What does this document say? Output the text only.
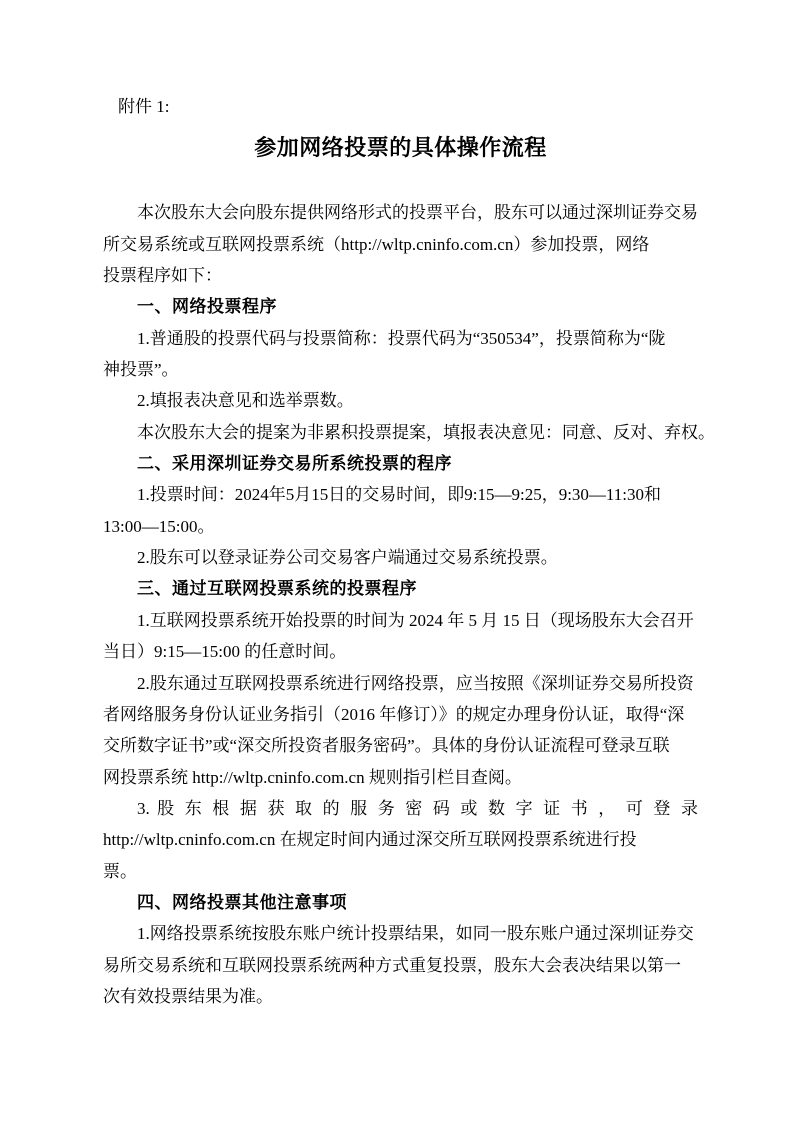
附件 1:
参加网络投票的具体操作流程
本次股东大会向股东提供网络形式的投票平台，股东可以通过深圳证券交易
所交易系统或互联网投票系统（http://wltp.cninfo.com.cn）参加投票，网络
投票程序如下：
一、网络投票程序
1.普通股的投票代码与投票简称：投票代码为“350534”，投票简称为“陇
神投票”。
2.填报表决意见和选举票数。
本次股东大会的提案为非累积投票提案，填报表决意见：同意、反对、弃权。
二、采用深圳证券交易所系统投票的程序
1.投票时间：2024年5月15日的交易时间，即9:15—9:25，9:30—11:30和
13:00—15:00。
2.股东可以登录证券公司交易客户端通过交易系统投票。
三、通过互联网投票系统的投票程序
1.互联网投票系统开始投票的时间为 2024 年 5 月 15 日（现场股东大会召开
当日）9:15—15:00 的任意时间。
2.股东通过互联网投票系统进行网络投票，应当按照《深圳证券交易所投资
者网络服务身份认证业务指引（2016 年修订）》的规定办理身份认证，取得“深
交所数字证书”或“深交所投资者服务密码”。具体的身份认证流程可登录互联
网投票系统 http://wltp.cninfo.com.cn 规则指引栏目查阅。
3. 股 东 根 据 获 取 的 服 务 密 码 或 数 字 证 书 ， 可 登 录
http://wltp.cninfo.com.cn 在规定时间内通过深交所互联网投票系统进行投
票。
四、网络投票其他注意事项
1.网络投票系统按股东账户统计投票结果，如同一股东账户通过深圳证券交
易所交易系统和互联网投票系统两种方式重复投票，股东大会表决结果以第一
次有效投票结果为准。
